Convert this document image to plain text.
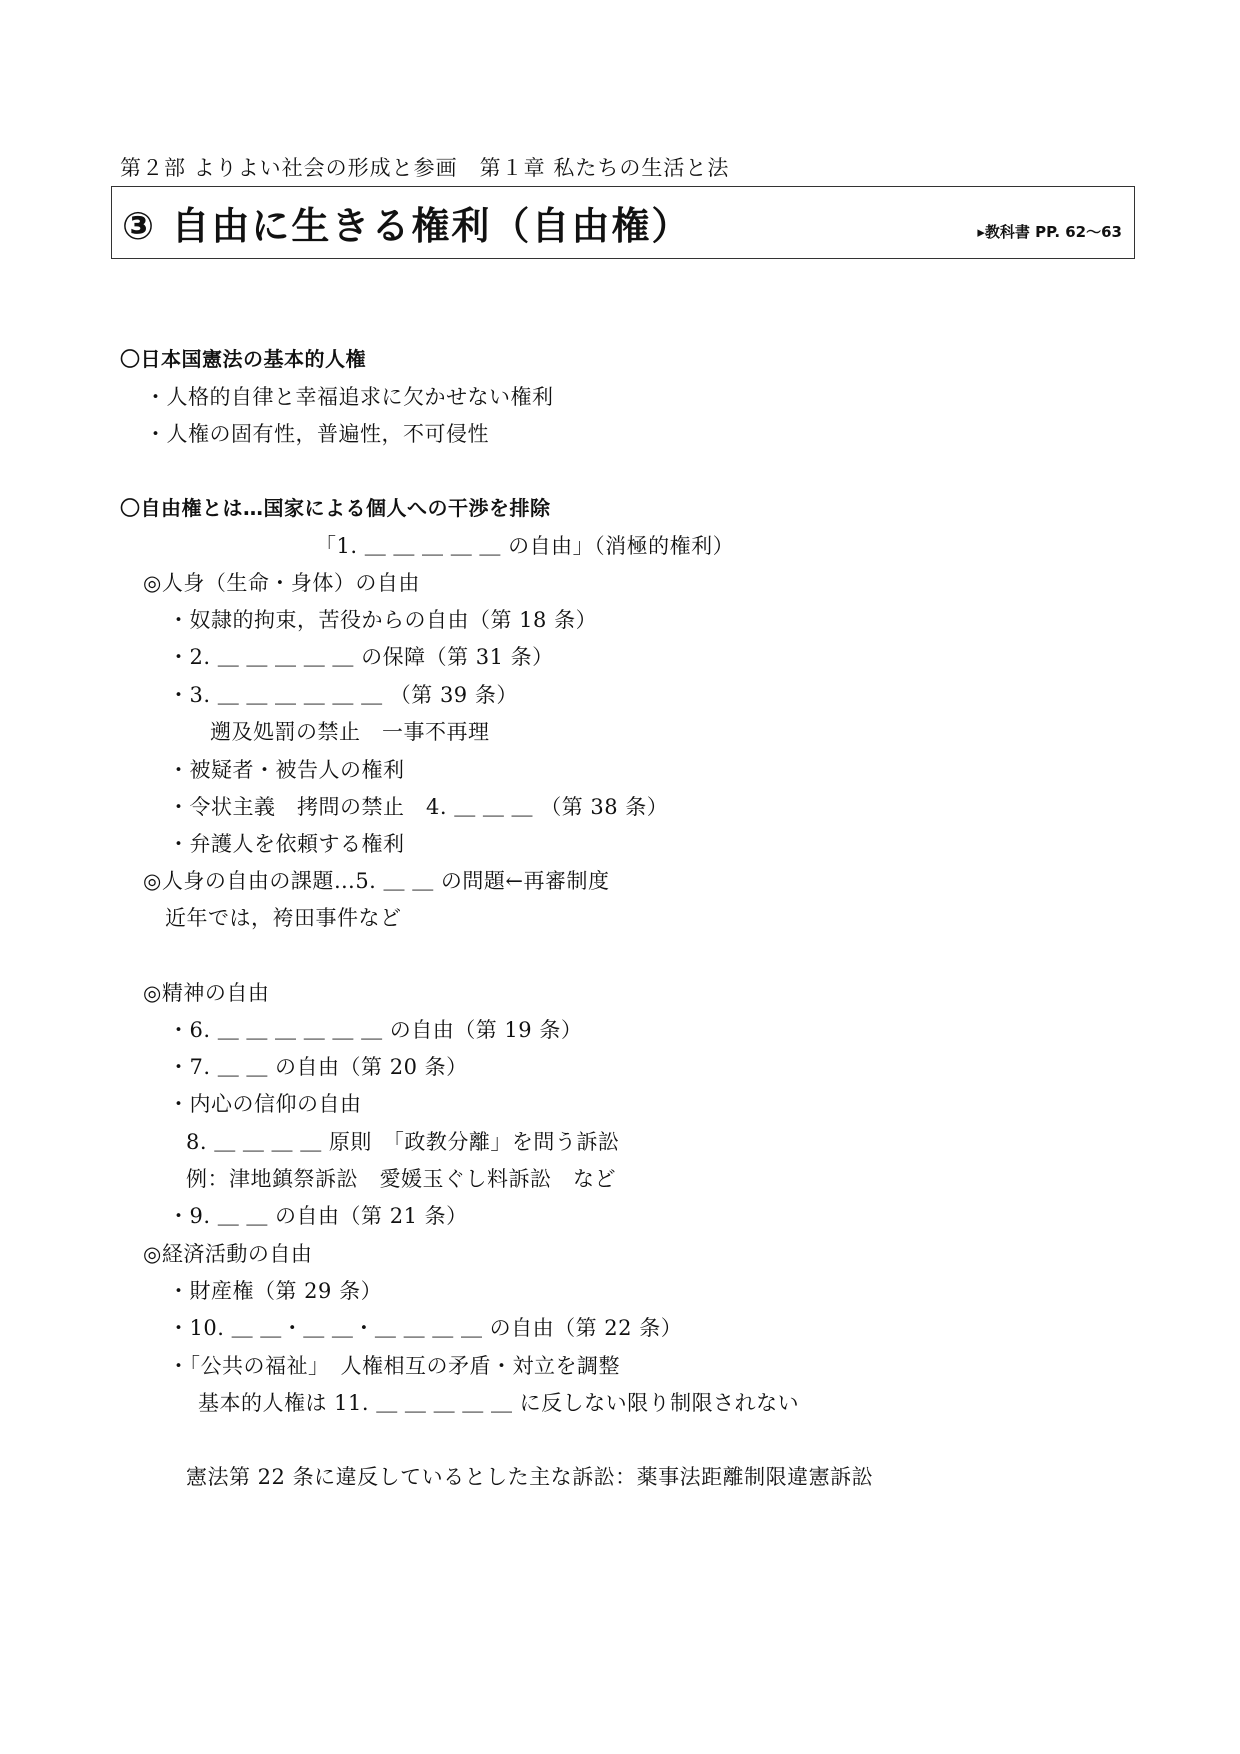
第２部 よりよい社会の形成と参画　第１章 私たちの生活と法
③ 自由に生きる権利（自由権）	▸教科書 PP. 62〜63
〇日本国憲法の基本的人権
・人格的自律と幸福追求に欠かせない権利
・人権の固有性，普遍性，不可侵性
〇自由権とは…国家による個人への干渉を排除
「1. ＿ ＿ ＿ ＿ ＿ の自由」（消極的権利）
◎人身（生命・身体）の自由
・奴隷的拘束，苦役からの自由（第 18 条）
・2. ＿ ＿ ＿ ＿ ＿ の保障（第 31 条）
・3. ＿ ＿ ＿ ＿ ＿ ＿ （第 39 条）
遡及処罰の禁止　一事不再理
・被疑者・被告人の権利
・令状主義　拷問の禁止　4. ＿ ＿ ＿ （第 38 条）
・弁護人を依頼する権利
◎人身の自由の課題…5. ＿ ＿ の問題←再審制度
近年では，袴田事件など
◎精神の自由
・6. ＿ ＿ ＿ ＿ ＿ ＿ の自由（第 19 条）
・7. ＿ ＿ の自由（第 20 条）
・内心の信仰の自由
8. ＿ ＿ ＿ ＿ 原則　「政教分離」を問う訴訟
例：津地鎮祭訴訟　愛媛玉ぐし料訴訟　など
・9. ＿ ＿ の自由（第 21 条）
◎経済活動の自由
・財産権（第 29 条）
・10. ＿ ＿・＿ ＿・＿ ＿ ＿ ＿ の自由（第 22 条）
・「公共の福祉」　人権相互の矛盾・対立を調整
基本的人権は 11. ＿ ＿ ＿ ＿ ＿ に反しない限り制限されない
憲法第 22 条に違反しているとした主な訴訟：薬事法距離制限違憲訴訟
